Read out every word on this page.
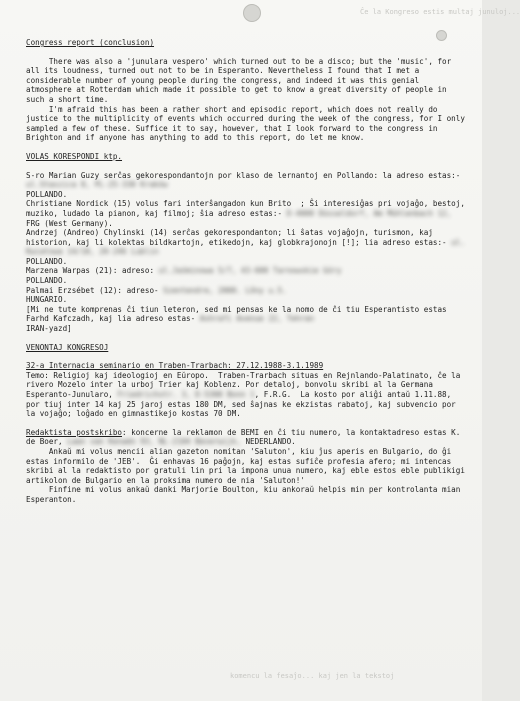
Ĉe la Kongreso estis multaj junuloj...

Congress report (conclusion)

There was also a 'junulara vespero' which turned out to be a disco; but the 'music', for all its loudness, turned out not to be in Esperanto. Nevertheless I found that I met a considerable number of young people during the congress, and indeed it was this genial atmosphere at Rotterdam which made it possible to get to know a great diversity of people in such a short time.

I'm afraid this has been a rather short and episodic report, which does not really do justice to the multiplicity of events which occurred during the week of the congress, for I only sampled a few of these. Suffice it to say, however, that I look forward to the congress in Brighton and if anyone has anything to add to this report, do let me know.

VOLAS KORESPONDI ktp.

S-ro Marian Guzy serĉas gekorespondantojn por klaso de lernantoj en Pollando: la adreso estas:- ul.Staszica 8, PL-25-330 Kraków

POLLANDO.

Christiane Nordick (15) volus fari interŝangadon kun Brito  ; Ŝi interesiĝas pri vojaĝo, bestoj, muziko, ludado la pianon, kaj filmoj; ŝia adreso estas:- D-4000 Düsseldorf, Am Mühlenbach 12, FRG (West Germany).

Andrzej (Andreo) Chylinski (14) serĉas gekorespondanton; li ŝatas vojaĝojn, turismon, kaj historion, kaj li kolektas bildkartojn, etikedojn, kaj globkrajonojn [!]; lia adreso estas:- ul. Kwiatowa 14/18, 20-246 Lublin

POLLANDO.

Marzena Warpas (21): adreso: ul.Jaśminowa 5/7, 43-600 Tarnowskie Góry

POLLANDO.

Palmai Erzsébet (12): adreso- Szentendre, 2000. Lőny u.5.

HUNGARIO.

[Mi ne tute komprenas ĉi tiun leteron, sed mi pensas ke la nomo de ĉi tiu Esperantisto estas Farhd Kafczadh, kaj lia adreso estas- Ashrafi Avenue 22, Tehran

IRAN-yazd]

VENONTAJ KONGRESOJ

32-a Internacia seminario en Traben-Trarbach: 27.12.1988-3.1.1989

Temo: Religioj kaj ideologioj en Eŭropo.  Traben-Trarbach situas en Rejnlando-Palatinato, ĉe la rivero Mozelo inter la urboj Trier kaj Koblenz. Por detaloj, bonvolu skribi al la Germana Esperanto-Junularo, Friedrichstr. 3, D-5300 Bonn 1, F.R.G.  La kosto por aliĝi antaŭ 1.11.88, por tiuj inter 14 kaj 25 jaroj estas 180 DM, sed ŝajnas ke ekzistas rabatoj, kaj subvencio por la vojaĝo; loĝado en gimnastikejo kostas 70 DM.

Redaktista postskribo: koncerne la reklamon de BEMI en ĉi tiu numero, la kontaktadreso estas K. de Boer, Laan van Kenaën 93, NL-2104 Beverwijk, NEDERLANDO.

Ankaŭ mi volus mencii alian gazeton nomitan 'Saluton', kiu ĵus aperis en Bulgario, do ĝi estas informilo de 'JEB'.  Ĝi enhavas 16 paĝojn, kaj estas sufiĉe profesia afero; mi intencas skribi al la redaktisto por gratuli lin pri la impona unua numero, kaj eble estos eble publikigi artikolon de Bulgario en la proksima numero de nia 'Saluton!'

Finfine mi volus ankaŭ danki Marjorie Boulton, kiu ankoraŭ helpis min per kontrolanta mian Esperanton.

komencu la fesaĵo... kaj jen la tekstoj
